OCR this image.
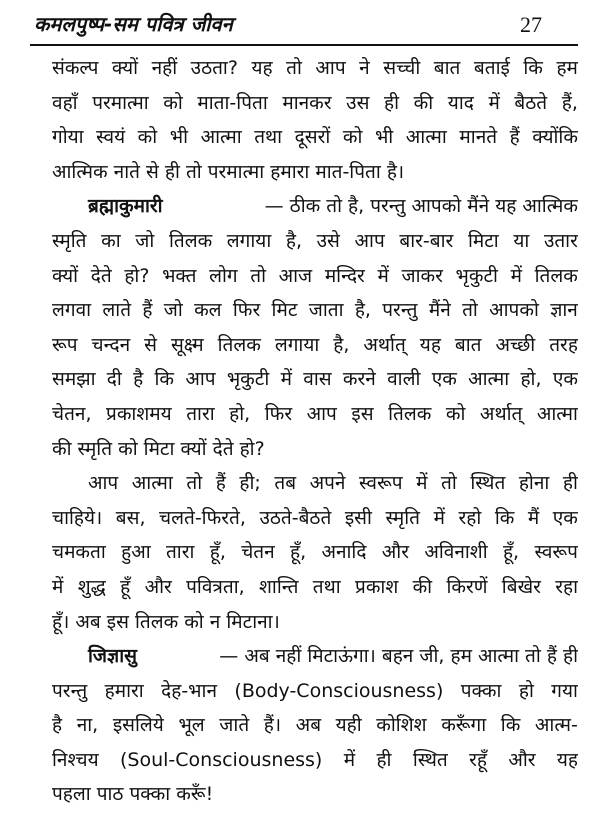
कमलपुष्प-सम पवित्र जीवन	27
संकल्प क्यों नहीं उठता? यह तो आप ने सच्ची बात बताई कि हम
वहाँ परमात्मा को माता-पिता मानकर उस ही की याद में बैठते हैं,
गोया स्वयं को भी आत्मा तथा दूसरों को भी आत्मा मानते हैं क्योंकि
आत्मिक नाते से ही तो परमात्मा हमारा मात-पिता है।
ब्रह्माकुमारी	— ठीक तो है, परन्तु आपको मैंने यह आत्मिक
स्मृति का जो तिलक लगाया है, उसे आप बार-बार मिटा या उतार
क्यों देते हो? भक्त लोग तो आज मन्दिर में जाकर भृकुटी में तिलक
लगवा लाते हैं जो कल फिर मिट जाता है, परन्तु मैंने तो आपको ज्ञान
रूप चन्दन से सूक्ष्म तिलक लगाया है, अर्थात् यह बात अच्छी तरह
समझा दी है कि आप भृकुटी में वास करने वाली एक आत्मा हो, एक
चेतन, प्रकाशमय तारा हो, फिर आप इस तिलक को अर्थात् आत्मा
की स्मृति को मिटा क्यों देते हो?
आप आत्मा तो हैं ही; तब अपने स्वरूप में तो स्थित होना ही
चाहिये। बस, चलते-फिरते, उठते-बैठते इसी स्मृति में रहो कि मैं एक
चमकता हुआ तारा हूँ, चेतन हूँ, अनादि और अविनाशी हूँ, स्वरूप
में शुद्ध हूँ और पवित्रता, शान्ति तथा प्रकाश की किरणें बिखेर रहा
हूँ। अब इस तिलक को न मिटाना।
जिज्ञासु	— अब नहीं मिटाऊंगा। बहन जी, हम आत्मा तो हैं ही
परन्तु हमारा देह-भान (Body-Consciousness) पक्का हो गया
है ना, इसलिये भूल जाते हैं। अब यही कोशिश करूँगा कि आत्म-
निश्चय (Soul-Consciousness) में ही स्थित रहूँ और यह
पहला पाठ पक्का करूँ!
